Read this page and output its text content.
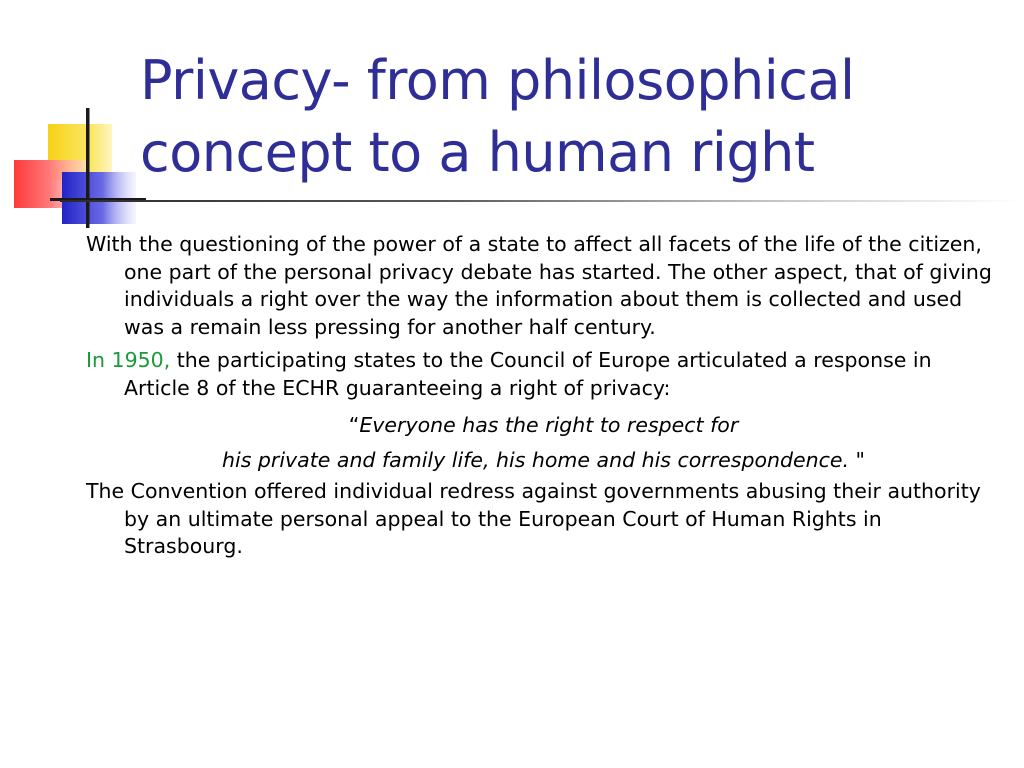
Privacy- from philosophical
concept to a human right

With the questioning of the power of a state to affect all facets of the life of the citizen, one part of the personal privacy debate has started. The other aspect, that of giving individuals a right over the way the information about them is collected and used was a remain less pressing for another half century.

In 1950, the participating states to the Council of Europe articulated a response in Article 8 of the ECHR guaranteeing a right of privacy:

“Everyone has the right to respect for

his private and family life, his home and his correspondence. "

The Convention offered individual redress against governments abusing their authority by an ultimate personal appeal to the European Court of Human Rights in Strasbourg.
